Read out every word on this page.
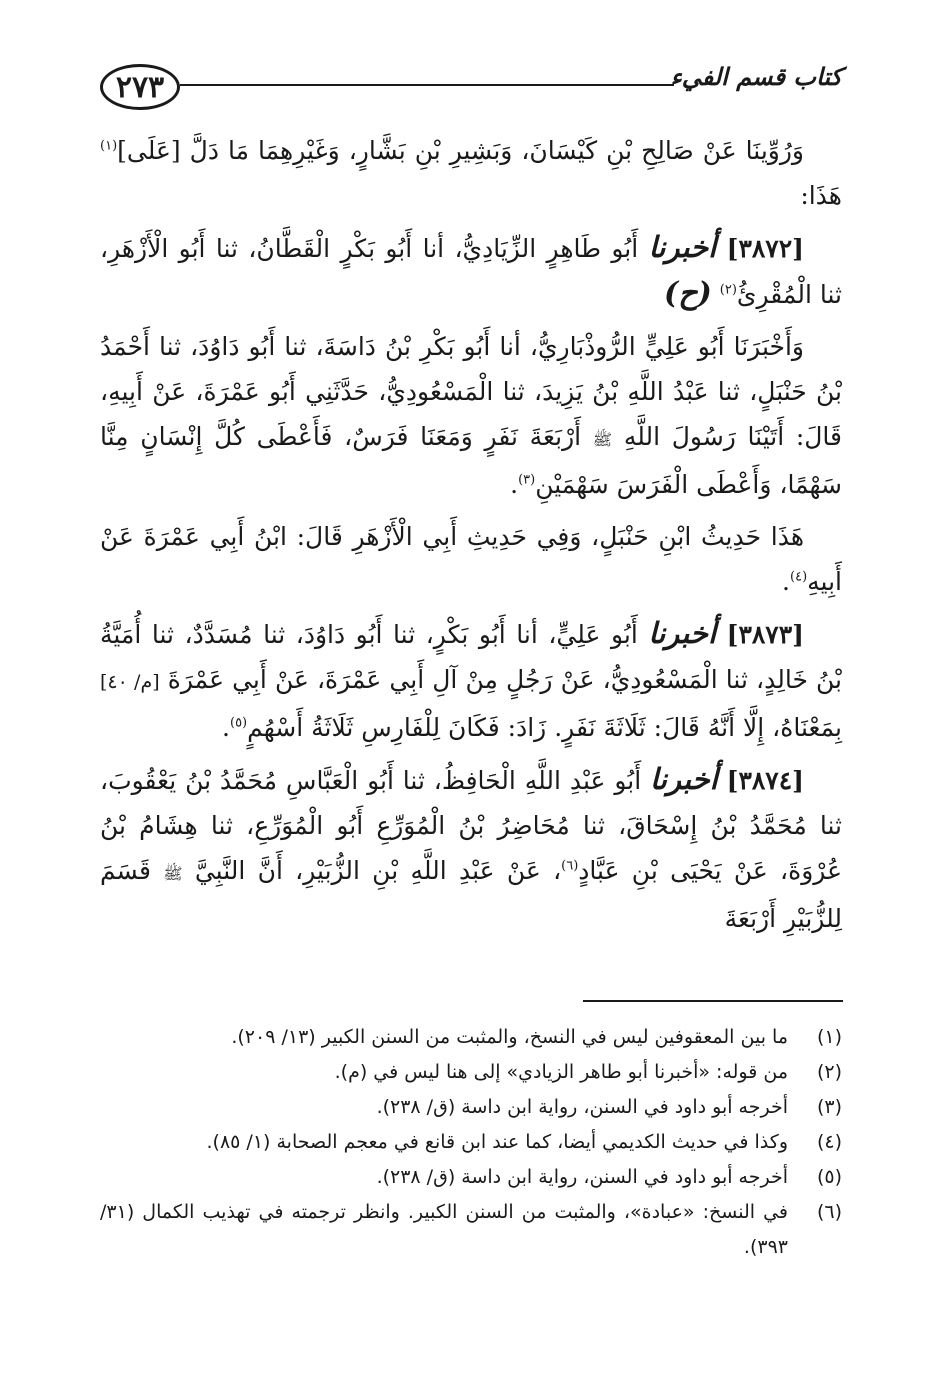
٢٧٣	كتاب قسم الفيء

وَرُوِّينَا عَنْ صَالِحِ بْنِ كَيْسَانَ، وَبَشِيرِ بْنِ بَشَّارٍ، وَغَيْرِهِمَا مَا دَلَّ [عَلَى]$^{(١)}$ هَذَا:

[٣٨٧٢] أخبرنا أَبُو طَاهِرٍ الزِّيَادِيُّ، أنا أَبُو بَكْرٍ الْقَطَّانُ، ثنا أَبُو الْأَزْهَرِ، ثنا الْمُقْرِئُ$^{(٢)}$ (ح)

وَأَخْبَرَنَا أَبُو عَلِيٍّ الرُّوذْبَارِيُّ، أنا أَبُو بَكْرِ بْنُ دَاسَةَ، ثنا أَبُو دَاوُدَ، ثنا أَحْمَدُ بْنُ حَنْبَلٍ، ثنا عَبْدُ اللَّهِ بْنُ يَزِيدَ، ثنا الْمَسْعُودِيُّ، حَدَّثَنِي أَبُو عَمْرَةَ، عَنْ أَبِيهِ، قَالَ: أَتَيْنَا رَسُولَ اللَّهِ ﷺ أَرْبَعَةَ نَفَرٍ وَمَعَنَا فَرَسٌ، فَأَعْطَى كُلَّ إِنْسَانٍ مِنَّا سَهْمًا، وَأَعْطَى الْفَرَسَ سَهْمَيْنِ$^{(٣)}$.

هَذَا حَدِيثُ ابْنِ حَنْبَلٍ، وَفِي حَدِيثِ أَبِي الْأَزْهَرِ قَالَ: ابْنُ أَبِي عَمْرَةَ عَنْ أَبِيهِ$^{(٤)}$.

[٣٨٧٣] أخبرنا أَبُو عَلِيٍّ، أنا أَبُو بَكْرٍ، ثنا أَبُو دَاوُدَ، ثنا مُسَدَّدٌ، ثنا أُمَيَّةُ بْنُ خَالِدٍ، ثنا الْمَسْعُودِيُّ، عَنْ رَجُلٍ مِنْ آلِ أَبِي عَمْرَةَ، عَنْ أَبِي عَمْرَةَ [م/ ٤٠] بِمَعْنَاهُ، إِلَّا أَنَّهُ قَالَ: ثَلَاثَةَ نَفَرٍ. زَادَ: فَكَانَ لِلْفَارِسِ ثَلَاثَةُ أَسْهُمٍ$^{(٥)}$.

[٣٨٧٤] أخبرنا أَبُو عَبْدِ اللَّهِ الْحَافِظُ، ثنا أَبُو الْعَبَّاسِ مُحَمَّدُ بْنُ يَعْقُوبَ، ثنا مُحَمَّدُ بْنُ إِسْحَاقَ، ثنا مُحَاضِرُ بْنُ الْمُوَرِّعِ أَبُو الْمُوَرِّعِ، ثنا هِشَامُ بْنُ عُرْوَةَ، عَنْ يَحْيَى بْنِ عَبَّادٍ$^{(٦)}$، عَنْ عَبْدِ اللَّهِ بْنِ الزُّبَيْرِ، أَنَّ النَّبِيَّ ﷺ قَسَمَ لِلزُّبَيْرِ أَرْبَعَةَ

(١)
ما بين المعقوفين ليس في النسخ، والمثبت من السنن الكبير (١٣/ ٢٠٩).
(٢)
من قوله: «أخبرنا أبو طاهر الزيادي» إلى هنا ليس في (م).
(٣)
أخرجه أبو داود في السنن، رواية ابن داسة (ق/ ٢٣٨).
(٤)
وكذا في حديث الكديمي أيضا، كما عند ابن قانع في معجم الصحابة (١/ ٨٥).
(٥)
أخرجه أبو داود في السنن، رواية ابن داسة (ق/ ٢٣٨).
(٦)
في النسخ: «عبادة»، والمثبت من السنن الكبير. وانظر ترجمته في تهذيب الكمال (٣١/ ٣٩٣).
